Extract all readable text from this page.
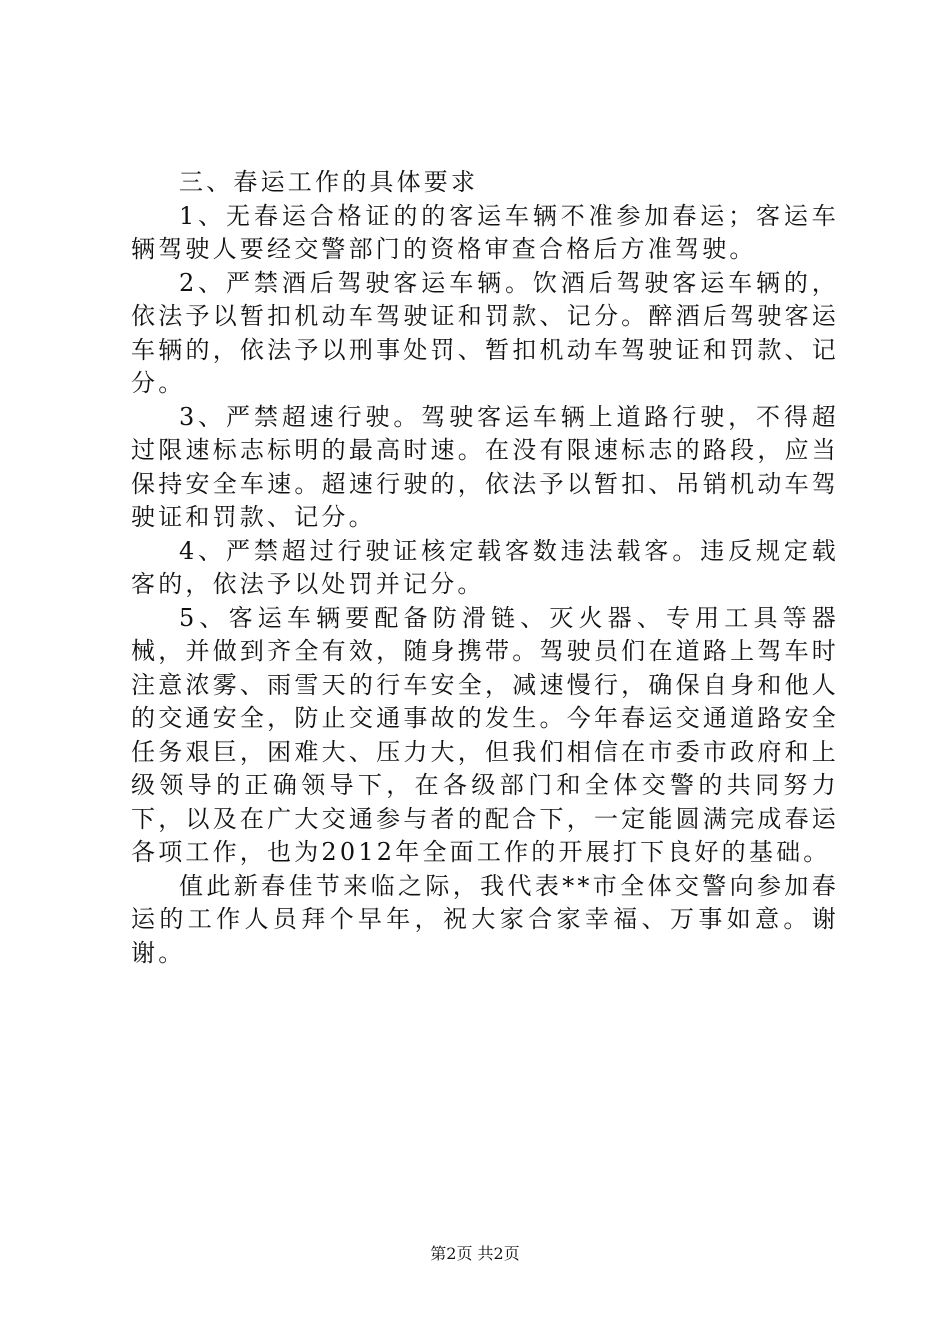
三、春运工作的具体要求

1、无春运合格证的的客运车辆不准参加春运；客运车辆驾驶人要经交警部门的资格审查合格后方准驾驶。

2、严禁酒后驾驶客运车辆。饮酒后驾驶客运车辆的，依法予以暂扣机动车驾驶证和罚款、记分。醉酒后驾驶客运车辆的，依法予以刑事处罚、暂扣机动车驾驶证和罚款、记分。

3、严禁超速行驶。驾驶客运车辆上道路行驶，不得超过限速标志标明的最高时速。在没有限速标志的路段，应当保持安全车速。超速行驶的，依法予以暂扣、吊销机动车驾驶证和罚款、记分。

4、严禁超过行驶证核定载客数违法载客。违反规定载客的，依法予以处罚并记分。

5、客运车辆要配备防滑链、灭火器、专用工具等器械，并做到齐全有效，随身携带。驾驶员们在道路上驾车时注意浓雾、雨雪天的行车安全，减速慢行，确保自身和他人的交通安全，防止交通事故的发生。今年春运交通道路安全任务艰巨，困难大、压力大，但我们相信在市委市政府和上级领导的正确领导下，在各级部门和全体交警的共同努力下，以及在广大交通参与者的配合下，一定能圆满完成春运各项工作，也为2012年全面工作的开展打下良好的基础。

值此新春佳节来临之际，我代表**市全体交警向参加春运的工作人员拜个早年，祝大家合家幸福、万事如意。谢谢。

第2页 共2页
